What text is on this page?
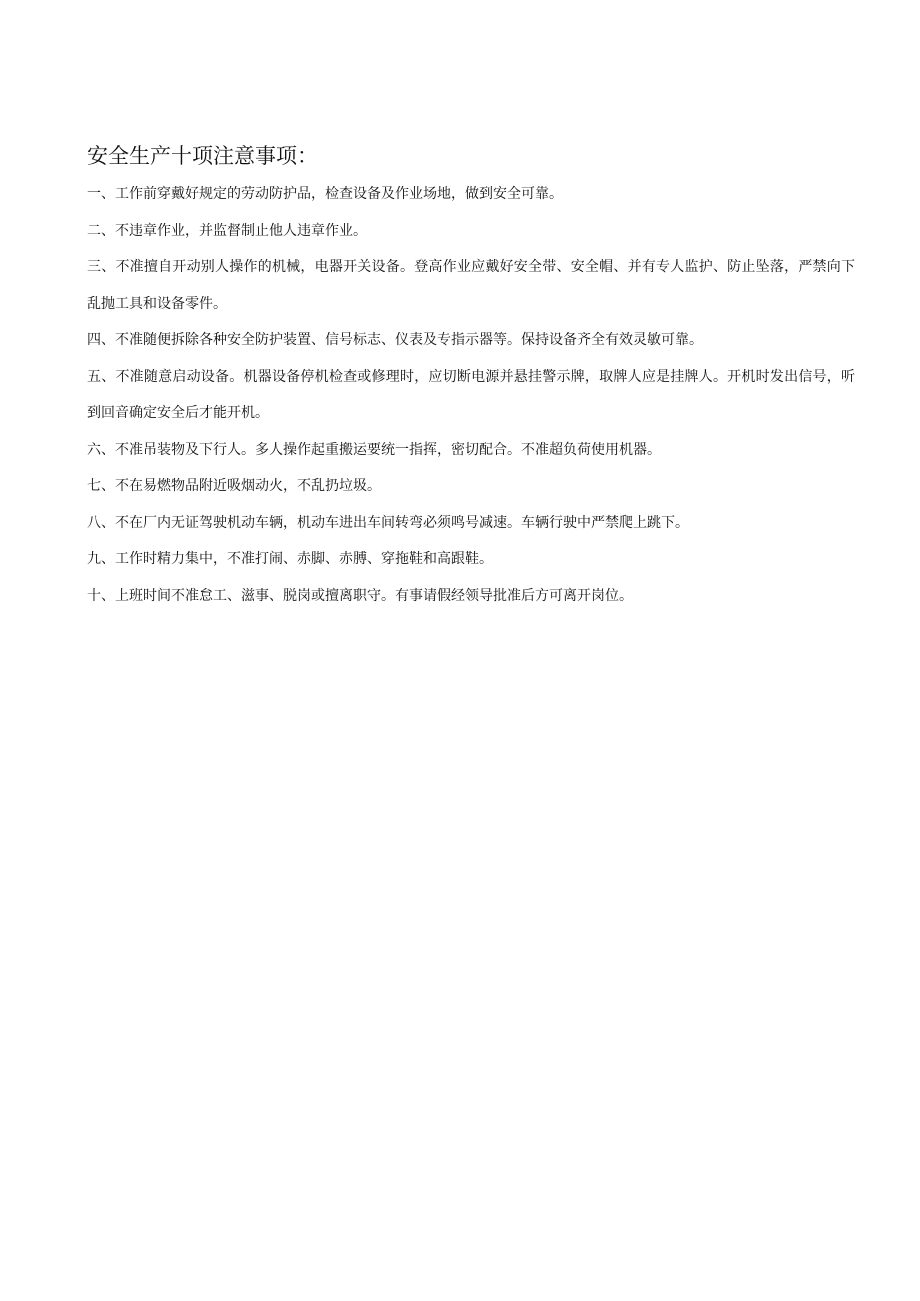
安全生产十项注意事项：
一、工作前穿戴好规定的劳动防护品，检查设备及作业场地，做到安全可靠。
二、不违章作业，并监督制止他人违章作业。
三、不准擅自开动别人操作的机械，电器开关设备。登高作业应戴好安全带、安全帽、并有专人监护、防止坠落，严禁向下乱抛工具和设备零件。
四、不准随便拆除各种安全防护装置、信号标志、仪表及专指示器等。保持设备齐全有效灵敏可靠。
五、不准随意启动设备。机器设备停机检查或修理时，应切断电源并悬挂警示牌，取牌人应是挂牌人。开机时发出信号，听到回音确定安全后才能开机。
六、不准吊装物及下行人。多人操作起重搬运要统一指挥，密切配合。不准超负荷使用机器。
七、不在易燃物品附近吸烟动火，不乱扔垃圾。
八、不在厂内无证驾驶机动车辆，机动车进出车间转弯必须鸣号减速。车辆行驶中严禁爬上跳下。
九、工作时精力集中，不准打闹、赤脚、赤膊、穿拖鞋和高跟鞋。
十、上班时间不准怠工、滋事、脱岗或擅离职守。有事请假经领导批准后方可离开岗位。
